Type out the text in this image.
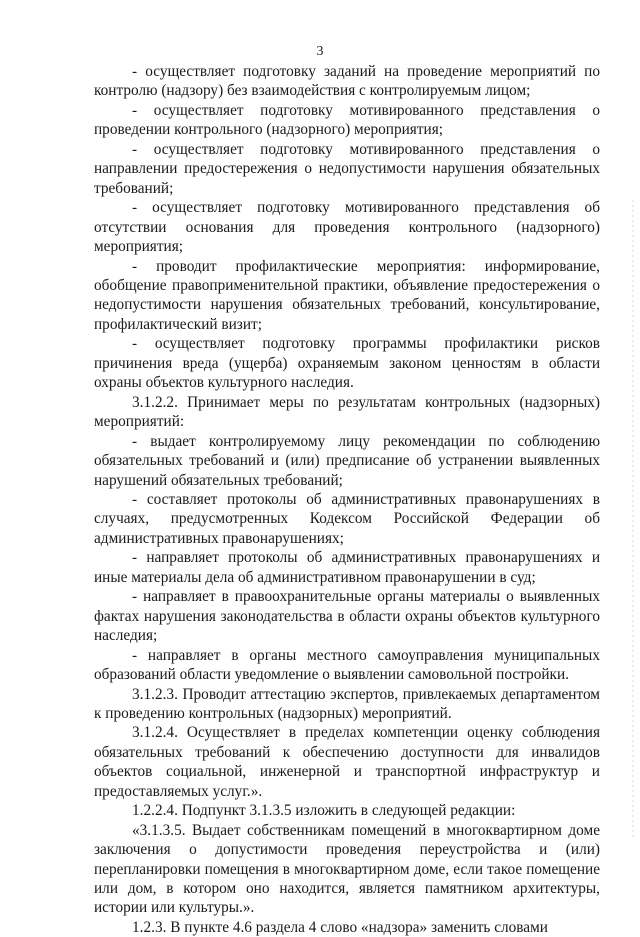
3

- осуществляет подготовку заданий на проведение мероприятий по контролю (надзору) без взаимодействия с контролируемым лицом;

- осуществляет подготовку мотивированного представления о проведении контрольного (надзорного) мероприятия;

- осуществляет подготовку мотивированного представления о направлении предостережения о недопустимости нарушения обязательных требований;

- осуществляет подготовку мотивированного представления об отсутствии основания для проведения контрольного (надзорного) мероприятия;

- проводит профилактические мероприятия: информирование, обобщение правоприменительной практики, объявление предостережения о недопустимости нарушения обязательных требований, консультирование, профилактический визит;

- осуществляет подготовку программы профилактики рисков причинения вреда (ущерба) охраняемым законом ценностям в области охраны объектов культурного наследия.

3.1.2.2. Принимает меры по результатам контрольных (надзорных) мероприятий:

- выдает контролируемому лицу рекомендации по соблюдению обязательных требований и (или) предписание об устранении выявленных нарушений обязательных требований;

- составляет протоколы об административных правонарушениях в случаях, предусмотренных Кодексом Российской Федерации об административных правонарушениях;

- направляет протоколы об административных правонарушениях и иные материалы дела об административном правонарушении в суд;

- направляет в правоохранительные органы материалы о выявленных фактах нарушения законодательства в области охраны объектов культурного наследия;

- направляет в органы местного самоуправления муниципальных образований области уведомление о выявлении самовольной постройки.

3.1.2.3. Проводит аттестацию экспертов, привлекаемых департаментом к проведению контрольных (надзорных) мероприятий.

3.1.2.4. Осуществляет в пределах компетенции оценку соблюдения обязательных требований к обеспечению доступности для инвалидов объектов социальной, инженерной и транспортной инфраструктур и предоставляемых услуг.».

1.2.2.4. Подпункт 3.1.3.5 изложить в следующей редакции:

«3.1.3.5. Выдает собственникам помещений в многоквартирном доме заключения о допустимости проведения переустройства и (или) перепланировки помещения в многоквартирном доме, если такое помещение или дом, в котором оно находится, является памятником архитектуры, истории или культуры.».

1.2.3. В пункте 4.6 раздела 4 слово «надзора» заменить словами
